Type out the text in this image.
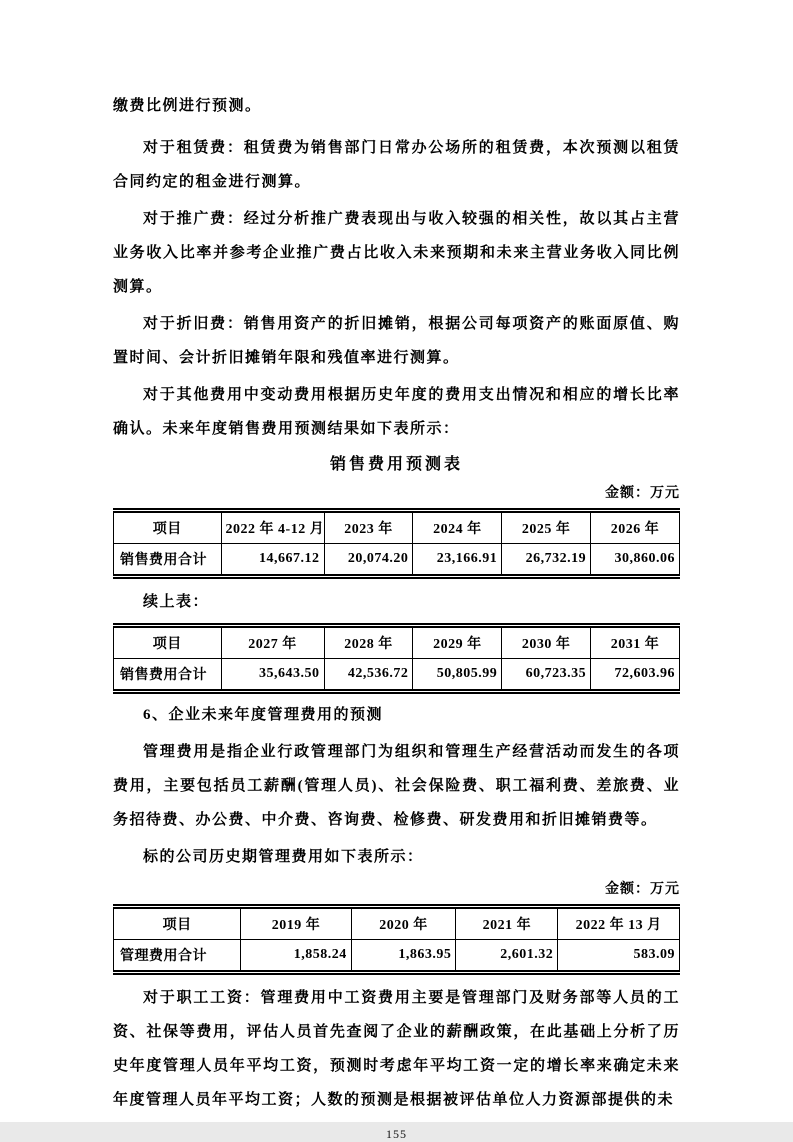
缴费比例进行预测。

对于租赁费：租赁费为销售部门日常办公场所的租赁费，本次预测以租赁合同约定的租金进行测算。

对于推广费：经过分析推广费表现出与收入较强的相关性，故以其占主营业务收入比率并参考企业推广费占比收入未来预期和未来主营业务收入同比例测算。

对于折旧费：销售用资产的折旧摊销，根据公司每项资产的账面原值、购置时间、会计折旧摊销年限和残值率进行测算。

对于其他费用中变动费用根据历史年度的费用支出情况和相应的增长比率确认。未来年度销售费用预测结果如下表所示：

销售费用预测表
金额：万元
项目	2022 年 4-12 月	2023 年	2024 年	2025 年	2026 年
销售费用合计	14,667.12	20,074.20	23,166.91	26,732.19	30,860.06

续上表：

项目	2027 年	2028 年	2029 年	2030 年	2031 年
销售费用合计	35,643.50	42,536.72	50,805.99	60,723.35	72,603.96

6、企业未来年度管理费用的预测

管理费用是指企业行政管理部门为组织和管理生产经营活动而发生的各项费用，主要包括员工薪酬(管理人员)、社会保险费、职工福利费、差旅费、业务招待费、办公费、中介费、咨询费、检修费、研发费用和折旧摊销费等。

标的公司历史期管理费用如下表所示：

金额：万元
项目	2019 年	2020 年	2021 年	2022 年 13 月
管理费用合计	1,858.24	1,863.95	2,601.32	583.09

对于职工工资：管理费用中工资费用主要是管理部门及财务部等人员的工资、社保等费用，评估人员首先查阅了企业的薪酬政策，在此基础上分析了历史年度管理人员年平均工资，预测时考虑年平均工资一定的增长率来确定未来年度管理人员年平均工资；人数的预测是根据被评估单位人力资源部提供的未

155
